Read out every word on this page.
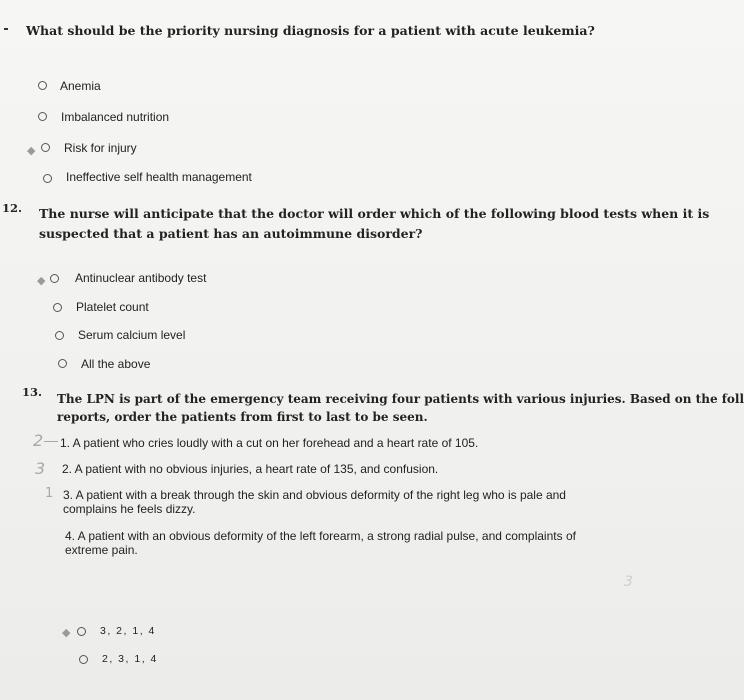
What should be the priority nursing diagnosis for a patient with acute leukemia?
Anemia
Imbalanced nutrition
◆ Risk for injury
Ineffective self health management
12. The nurse will anticipate that the doctor will order which of the following blood tests when it is
suspected that a patient has an autoimmune disorder?
◆ Antinuclear antibody test
Platelet count
Serum calcium level
All the above
13. The LPN is part of the emergency team receiving four patients with various injuries. Based on the foll
reports, order the patients from first to last to be seen.
2
3
1
3
1. A patient who cries loudly with a cut on her forehead and a heart rate of 105.
2. A patient with no obvious injuries, a heart rate of 135, and confusion.
3. A patient with a break through the skin and obvious deformity of the right leg who is pale and
complains he feels dizzy.
4. A patient with an obvious deformity of the left forearm, a strong radial pulse, and complaints of
extreme pain.
◆	3, 2, 1, 4
2, 3, 1, 4
